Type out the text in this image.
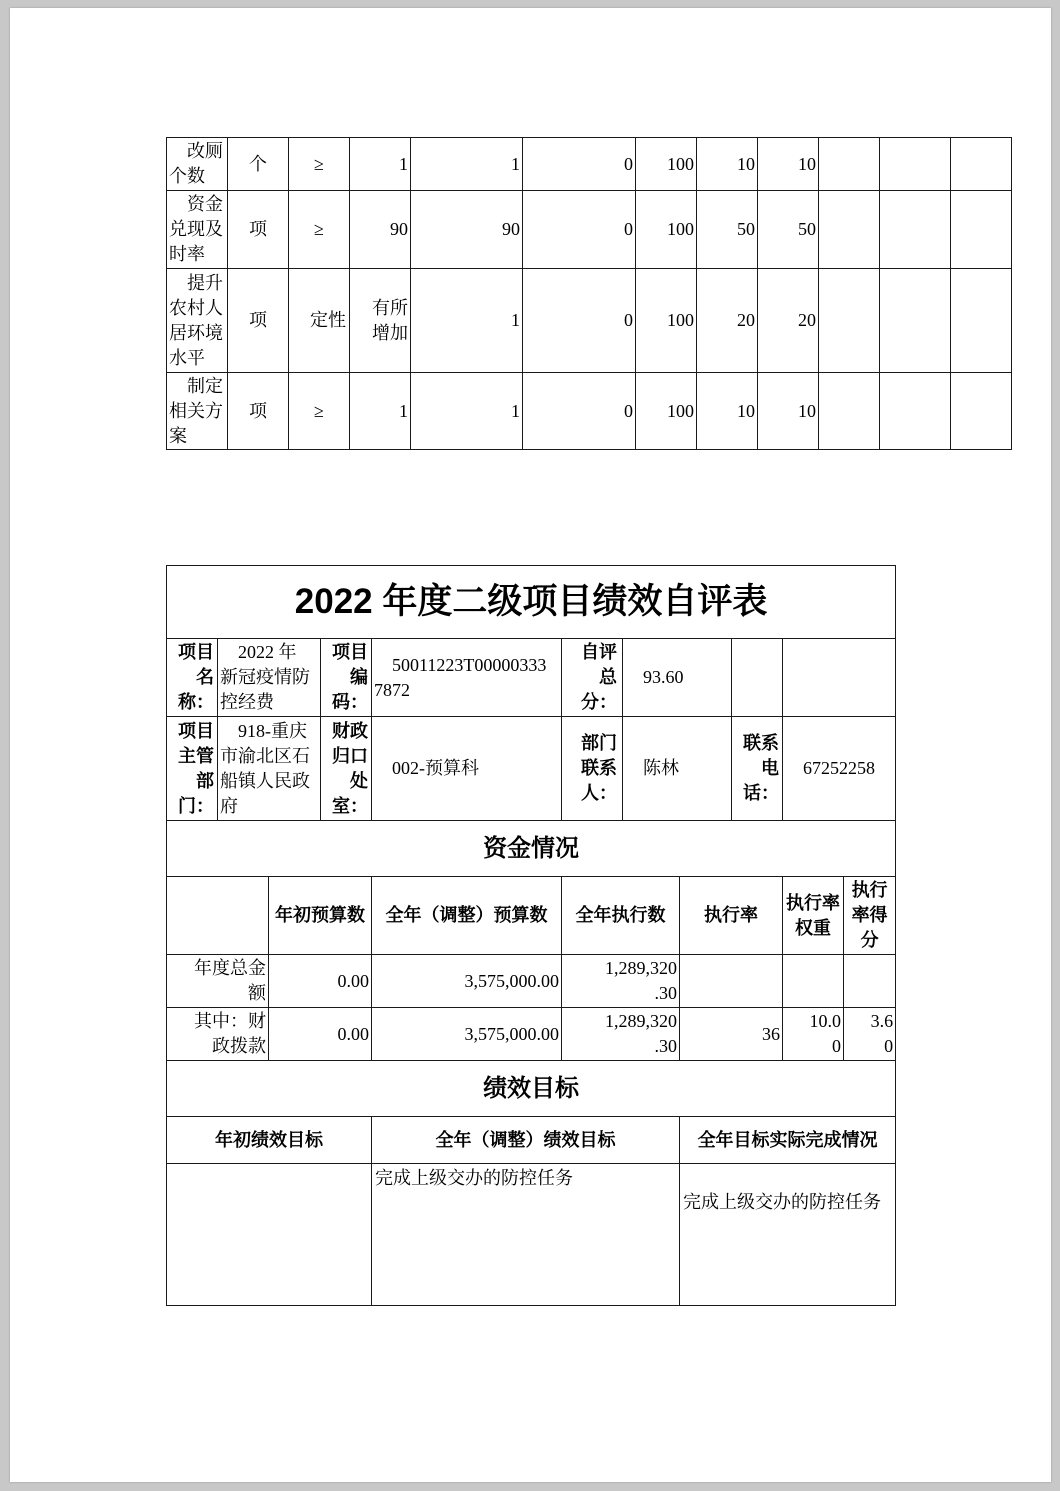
改厕个数	个	≥	1	1	0	100	10	10			
资金兑现及时率	项	≥	90	90	0	100	50	50			
提升农村人居环境水平	项	定性	有所增加	1	0	100	20	20			
制定相关方案	项	≥	1	1	0	100	10	10			
2022 年度二级项目绩效自评表										
项目名称：	2022 年新冠疫情防控经费		项目编码：	50011223T000003337872	自评总分：	93.60				
项目主管部门：	918-重庆市渝北区石船镇人民政府		财政归口处室：	002-预算科	部门联系人：	陈林		联系电话：	67252258	
资金情况										
		年初预算数		全年（调整）预算数	全年执行数		执行率		执行率权重	执行率得分
年度总金额		0.00		3,575,000.00	1,289,320.30					
其中：财政拨款		0.00		3,575,000.00	1,289,320.30		36		10.00	3.60
绩效目标										
年初绩效目标				全年（调整）绩效目标			全年目标实际完成情况			
				完成上级交办的防控任务			完成上级交办的防控任务			
